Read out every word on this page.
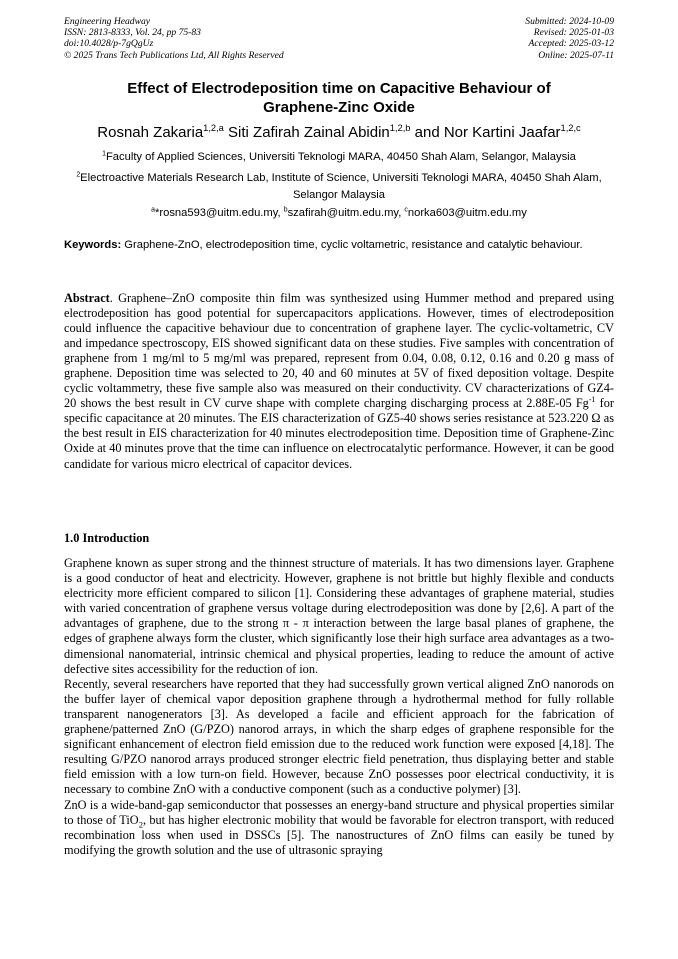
Engineering Headway
ISSN: 2813-8333, Vol. 24, pp 75-83
doi:10.4028/p-7gQgUz
© 2025 Trans Tech Publications Ltd, All Rights Reserved
Submitted: 2024-10-09
Revised: 2025-01-03
Accepted: 2025-03-12
Online: 2025-07-11
Effect of Electrodeposition time on Capacitive Behaviour of
Graphene-Zinc Oxide
Rosnah Zakaria$^{1,2,a}$ Siti Zafirah Zainal Abidin$^{1,2,b}$ and Nor Kartini Jaafar$^{1,2,c}$
$^1$Faculty of Applied Sciences, Universiti Teknologi MARA, 40450 Shah Alam, Selangor, Malaysia
$^2$Electroactive Materials Research Lab, Institute of Science, Universiti Teknologi MARA, 40450 Shah Alam, Selangor Malaysia
$^a$*rosna593@uitm.edu.my, $^b$szafirah@uitm.edu.my, $^c$norka603@uitm.edu.my
Keywords: Graphene-ZnO, electrodeposition time, cyclic voltametric, resistance and catalytic behaviour.
Abstract. Graphene–ZnO composite thin film was synthesized using Hummer method and prepared using electrodeposition has good potential for supercapacitors applications. However, times of electrodeposition could influence the capacitive behaviour due to concentration of graphene layer. The cyclic-voltametric, CV and impedance spectroscopy, EIS showed significant data on these studies. Five samples with concentration of graphene from 1 mg/ml to 5 mg/ml was prepared, represent from 0.04, 0.08, 0.12, 0.16 and 0.20 g mass of graphene. Deposition time was selected to 20, 40 and 60 minutes at 5V of fixed deposition voltage. Despite cyclic voltammetry, these five sample also was measured on their conductivity. CV characterizations of GZ4-20 shows the best result in CV curve shape with complete charging discharging process at 2.88E-05 $Fg^{-1}$ for specific capacitance at 20 minutes. The EIS characterization of GZ5-40 shows series resistance at 523.220 Ω as the best result in EIS characterization for 40 minutes electrodeposition time. Deposition time of Graphene-Zinc Oxide at 40 minutes prove that the time can influence on electrocatalytic performance. However, it can be good candidate for various micro electrical of capacitor devices.
1.0 Introduction

Graphene known as super strong and the thinnest structure of materials. It has two dimensions layer. Graphene is a good conductor of heat and electricity. However, graphene is not brittle but highly flexible and conducts electricity more efficient compared to silicon [1]. Considering these advantages of graphene material, studies with varied concentration of graphene versus voltage during electrodeposition was done by [2,6]. A part of the advantages of graphene, due to the strong π - π interaction between the large basal planes of graphene, the edges of graphene always form the cluster, which significantly lose their high surface area advantages as a two-dimensional nanomaterial, intrinsic chemical and physical properties, leading to reduce the amount of active defective sites accessibility for the reduction of ion.

Recently, several researchers have reported that they had successfully grown vertical aligned ZnO nanorods on the buffer layer of chemical vapor deposition graphene through a hydrothermal method for fully rollable transparent nanogenerators [3]. As developed a facile and efficient approach for the fabrication of graphene/patterned ZnO (G/PZO) nanorod arrays, in which the sharp edges of graphene responsible for the significant enhancement of electron field emission due to the reduced work function were exposed [4,18]. The resulting G/PZO nanorod arrays produced stronger electric field penetration, thus displaying better and stable field emission with a low turn-on field. However, because ZnO possesses poor electrical conductivity, it is necessary to combine ZnO with a conductive component (such as a conductive polymer) [3].

ZnO is a wide-band-gap semiconductor that possesses an energy-band structure and physical properties similar to those of TiO$_2$, but has higher electronic mobility that would be favorable for electron transport, with reduced recombination loss when used in DSSCs [5]. The nanostructures of ZnO films can easily be tuned by modifying the growth solution and the use of ultrasonic spraying
